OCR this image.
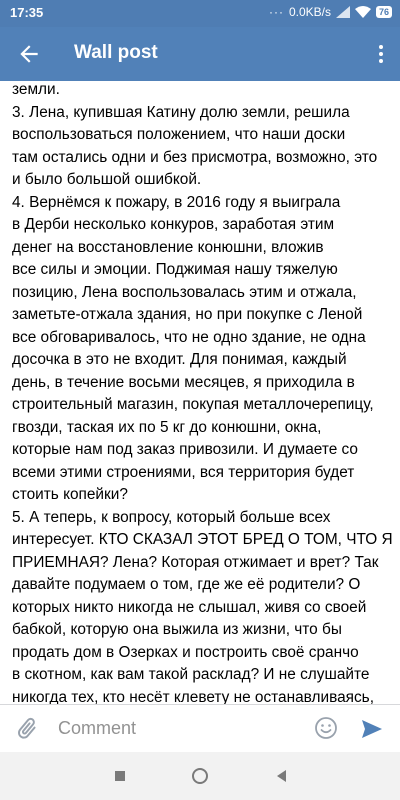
17:35	··· 0.0KB/s	76
Wall post

земли.

3. Лена, купившая Катину долю земли, решила

воспользоваться положением, что наши доски

там остались одни и без присмотра, возможно, это

и было большой ошибкой.

4. Вернёмся к пожару, в 2016 году я выиграла

в Дерби несколько конкуров, заработая этим

денег на восстановление конюшни, вложив

все силы и эмоции. Поджимая нашу тяжелую

позицию, Лена воспользовалась этим и отжала,

заметьте-отжала здания, но при покупке с Леной

все обговаривалось, что не одно здание, не одна

досочка в это не входит. Для понимая, каждый

день, в течение восьми месяцев, я приходила в

строительный магазин, покупая металлочерепицу,

гвозди, таская их по 5 кг до конюшни, окна,

которые нам под заказ привозили. И думаете со

всеми этими строениями, вся территория будет

стоить копейки?

5. А теперь, к вопросу, который больше всех

интересует. КТО СКАЗАЛ ЭТОТ БРЕД О ТОМ, ЧТО Я

ПРИЕМНАЯ? Лена? Которая отжимает и врет? Так

давайте подумаем о том, где же её родители? О

которых никто никогда не слышал, живя со своей

бабкой, которую она выжила из жизни, что бы

продать дом в Озерках и построить своё сранчо

в скотном, как вам такой расклад? И не слушайте

никогда тех, кто несёт клевету не останавливаясь,

Comment
